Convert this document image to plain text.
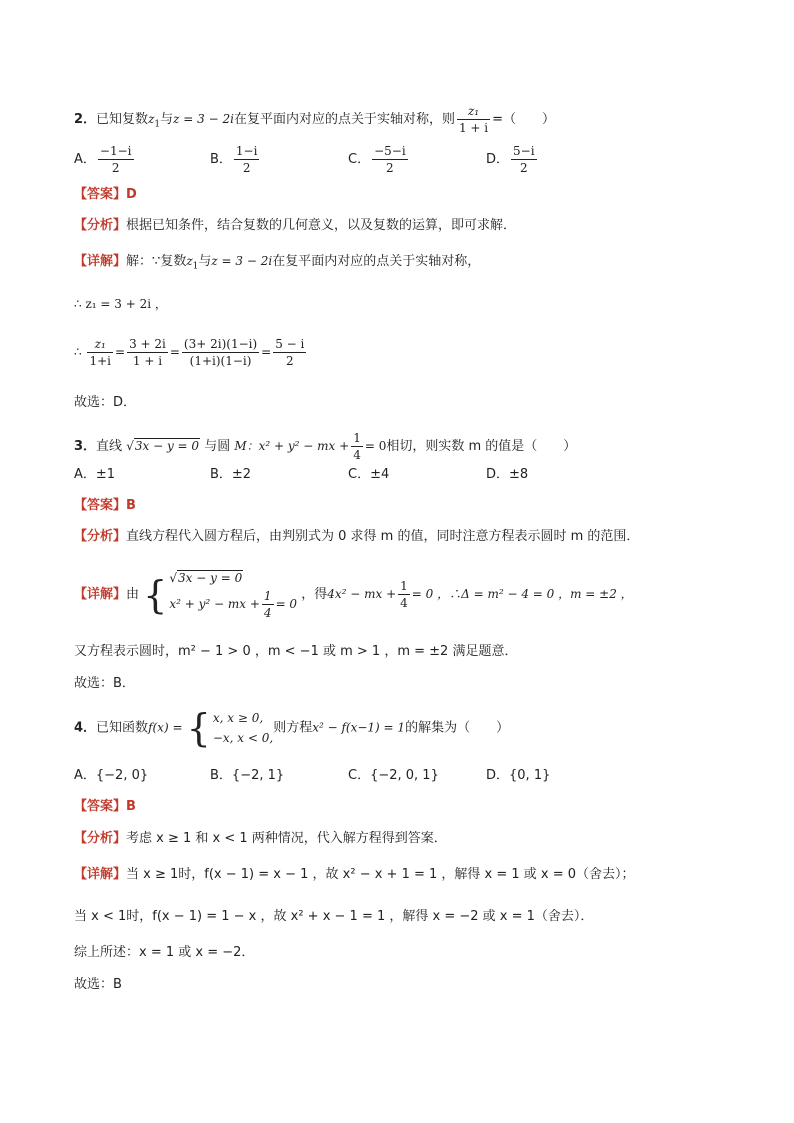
2．已知复数$z_1$与z = 3 − 2i在复平面内对应的点关于实轴对称，则 $\frac{\text{z₁}}{1 + i}$ =（　　）
A． $\frac{-1-i}{2}$	B． $\frac{1-i}{2}$	C． $\frac{-5-i}{2}$	D． $\frac{5-i}{2}$
【答案】D
【分析】根据已知条件，结合复数的几何意义，以及复数的运算，即可求解．
【详解】解：∵复数$z_1$与z = 3 − 2i在复平面内对应的点关于实轴对称，
∴ z₁ = 3 + 2i ，
∴ $\frac{\text{z₁}}{1+i} = \frac{3 + 2i}{1 + i} = \frac{(3+ 2i)(1-i)}{(1+i)(1-i)} = \frac{5 - i}{2}$
故选：D．
3．直线 √3x − y = 0 与圆 M：x² + y² − mx + $\frac{1}{4} = 0$相切，则实数 m 的值是（　　）
A．±1	B．±2	C．±4	D．±8
【答案】B
【分析】直线方程代入圆方程后，由判别式为 0 求得 m 的值，同时注意方程表示圆时 m 的范围．
【详解】由 { √3x − y = 0
x² + y² − mx + $\frac{1}{4} = 0$
，得4x² − mx + $\frac{1}{4} = 0$ ，∴Δ = m² − 4 = 0 ，m = ±2 ，
又方程表示圆时，m² − 1 > 0 ，m < −1 或 m > 1 ，m = ±2 满足题意．
故选：B．
4．已知函数f(x) = { x, x ≥ 0,
−x, x < 0,
则方程x² − f(x−1) = 1的解集为（　　）
A．{−2, 0}	B．{−2, 1}	C．{−2, 0, 1}	D．{0, 1}
【答案】B
【分析】考虑 x ≥ 1 和 x < 1 两种情况，代入解方程得到答案．
【详解】当 x ≥ 1时，f(x − 1) = x − 1 ，故 x² − x + 1 = 1 ，解得 x = 1 或 x = 0（舍去）；
当 x < 1时，f(x − 1) = 1 − x ，故 x² + x − 1 = 1 ，解得 x = −2 或 x = 1（舍去）．
综上所述：x = 1 或 x = −2．
故选：B
